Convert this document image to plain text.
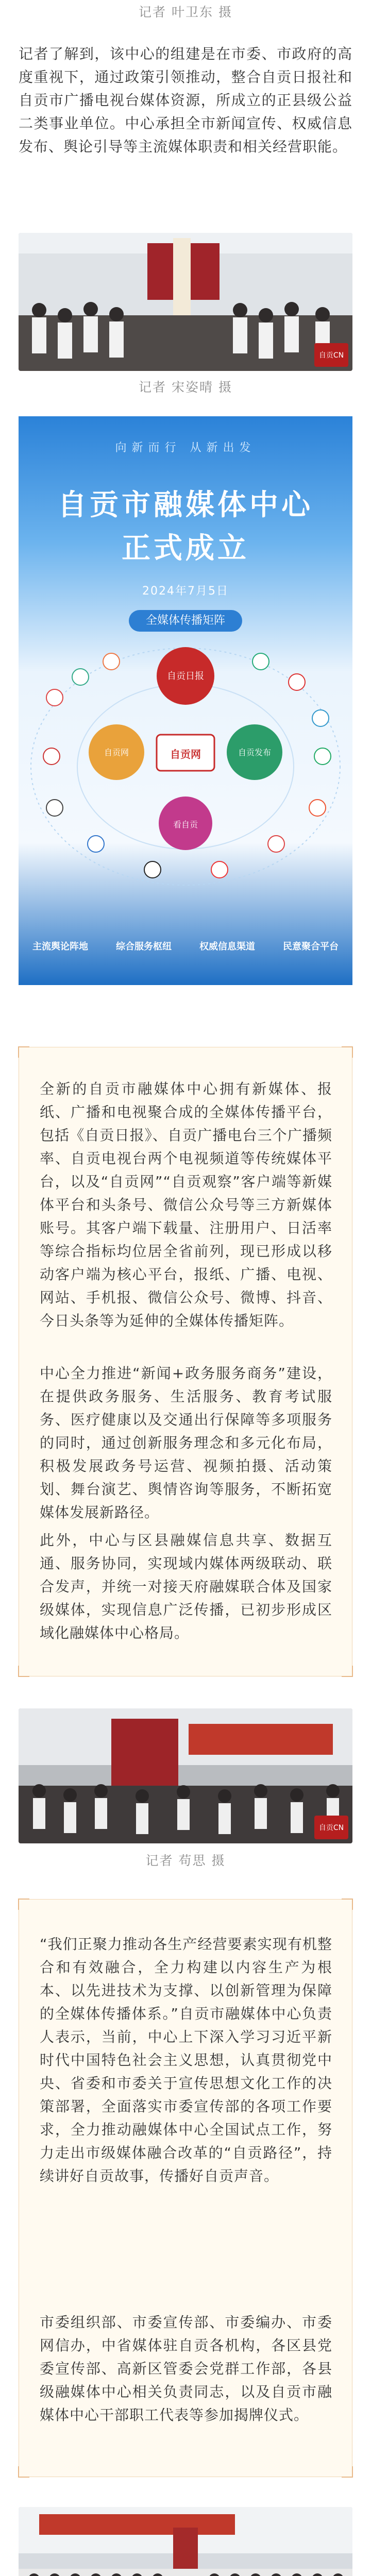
记者 叶卫东 摄

记者了解到，该中心的组建是在市委、市政府的高度重视下，通过政策引领推动，整合自贡日报社和自贡市广播电视台媒体资源，所成立的正县级公益二类事业单位。中心承担全市新闻宣传、权威信息发布、舆论引导等主流媒体职责和相关经营职能。

自贡CN
记者 宋姿晴 摄
向新而行 从新出发
自贡市融媒体中心
正式成立
2024年7月5日
全媒体传播矩阵
自贡日报
自贡网	自贡发布
自贡网
看自贡
主流舆论阵地	综合服务枢纽	权威信息渠道	民意聚合平台

全新的自贡市融媒体中心拥有新媒体、报纸、广播和电视聚合成的全媒体传播平台，包括《自贡日报》、自贡广播电台三个广播频率、自贡电视台两个电视频道等传统媒体平台，以及“自贡网”“自贡观察”客户端等新媒体平台和头条号、微信公众号等三方新媒体账号。其客户端下载量、注册用户、日活率等综合指标均位居全省前列，现已形成以移动客户端为核心平台，报纸、广播、电视、网站、手机报、微信公众号、微博、抖音、今日头条等为延伸的全媒体传播矩阵。

中心全力推进“新闻+政务服务商务”建设，在提供政务服务、生活服务、教育考试服务、医疗健康以及交通出行保障等多项服务的同时，通过创新服务理念和多元化布局，积极发展政务号运营、视频拍摄、活动策划、舞台演艺、舆情咨询等服务，不断拓宽媒体发展新路径。

此外，中心与区县融媒信息共享、数据互通、服务协同，实现域内媒体两级联动、联合发声，并统一对接天府融媒联合体及国家级媒体，实现信息广泛传播，已初步形成区域化融媒体中心格局。

自贡CN
记者 苟思 摄

“我们正聚力推动各生产经营要素实现有机整合和有效融合，全力构建以内容生产为根本、以先进技术为支撑、以创新管理为保障的全媒体传播体系。”自贡市融媒体中心负责人表示，当前，中心上下深入学习习近平新时代中国特色社会主义思想，认真贯彻党中央、省委和市委关于宣传思想文化工作的决策部署，全面落实市委宣传部的各项工作要求，全力推动融媒体中心全国试点工作，努力走出市级媒体融合改革的“自贡路径”，持续讲好自贡故事，传播好自贡声音。

市委组织部、市委宣传部、市委编办、市委网信办，中省媒体驻自贡各机构，各区县党委宣传部、高新区管委会党群工作部，各县级融媒体中心相关负责同志，以及自贡市融媒体中心干部职工代表等参加揭牌仪式。
